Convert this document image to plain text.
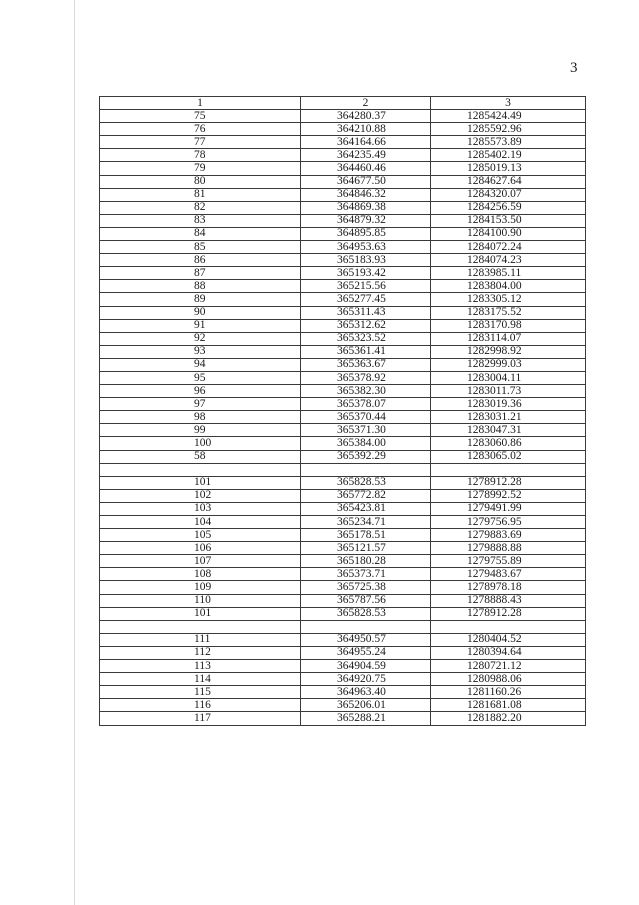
3
1	2	3
75	364280.37	1285424.49
76	364210.88	1285592.96
77	364164.66	1285573.89
78	364235.49	1285402.19
79	364460.46	1285019.13
80	364677.50	1284627.64
81	364846.32	1284320.07
82	364869.38	1284256.59
83	364879.32	1284153.50
84	364895.85	1284100.90
85	364953.63	1284072.24
86	365183.93	1284074.23
87	365193.42	1283985.11
88	365215.56	1283804.00
89	365277.45	1283305.12
90	365311.43	1283175.52
91	365312.62	1283170.98
92	365323.52	1283114.07
93	365361.41	1282998.92
94	365363.67	1282999.03
95	365378.92	1283004.11
96	365382.30	1283011.73
97	365378.07	1283019.36
98	365370.44	1283031.21
99	365371.30	1283047.31
100	365384.00	1283060.86
58	365392.29	1283065.02

101	365828.53	1278912.28
102	365772.82	1278992.52
103	365423.81	1279491.99
104	365234.71	1279756.95
105	365178.51	1279883.69
106	365121.57	1279888.88
107	365180.28	1279755.89
108	365373.71	1279483.67
109	365725.38	1278978.18
110	365787.56	1278888.43
101	365828.53	1278912.28

111	364950.57	1280404.52
112	364955.24	1280394.64
113	364904.59	1280721.12
114	364920.75	1280988.06
115	364963.40	1281160.26
116	365206.01	1281681.08
117	365288.21	1281882.20
